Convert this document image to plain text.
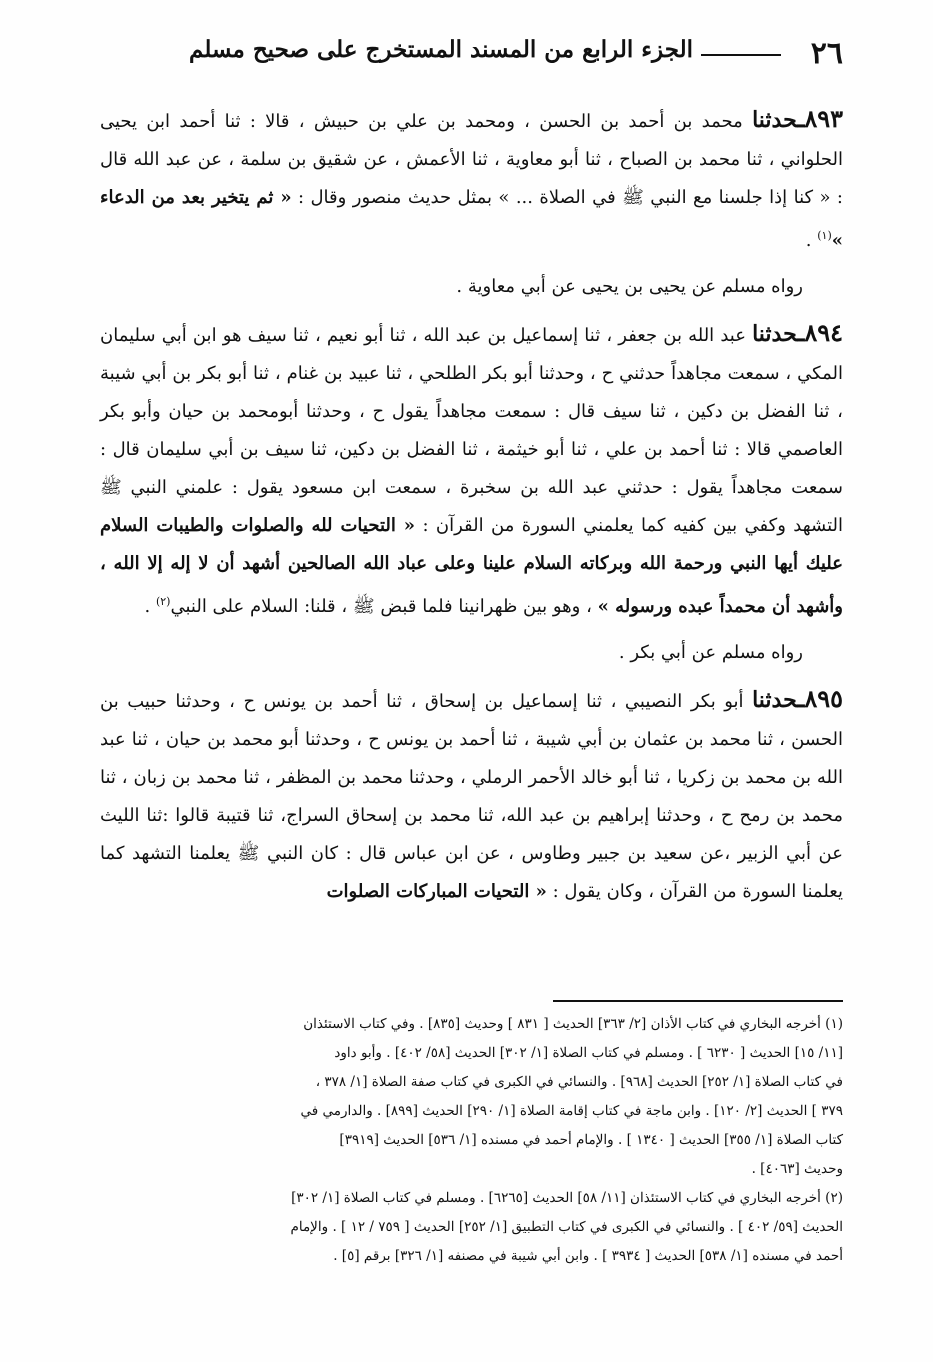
٢٦
الجزء الرابع من المسند المستخرج على صحيح مسلم

٨٩٣ـحدثنا محمد بن أحمد بن الحسن ، ومحمد بن علي بن حبيش ، قالا : ثنا أحمد ابن يحيى الحلواني ، ثنا محمد بن الصباح ، ثنا أبو معاوية ، ثنا الأعمش ، عن شقيق بن سلمة ، عن عبد الله قال : « كنا إذا جلسنا مع النبي ﷺ في الصلاة ... » بمثل حديث منصور وقال : « ثم يتخير بعد من الدعاء »$^{(١)}$ .

رواه مسلم عن يحيى بن يحيى عن أبي معاوية .

٨٩٤ـحدثنا عبد الله بن جعفر ، ثنا إسماعيل بن عبد الله ، ثنا أبو نعيم ، ثنا سيف هو ابن أبي سليمان المكي ، سمعت مجاهداً حدثني ح ، وحدثنا أبو بكر الطلحي ، ثنا عبيد بن غنام ، ثنا أبو بكر بن أبي شيبة ، ثنا الفضل بن دكين ، ثنا سيف قال : سمعت مجاهداً يقول ح ، وحدثنا أبومحمد بن حيان وأبو بكر العاصمي قالا : ثنا أحمد بن علي ، ثنا أبو خيثمة ، ثنا الفضل بن دكين، ثنا سيف بن أبي سليمان قال : سمعت مجاهداً يقول : حدثني عبد الله بن سخبرة ، سمعت ابن مسعود يقول : علمني النبي ﷺ التشهد وكفي بين كفيه كما يعلمني السورة من القرآن : « التحيات لله والصلوات والطيبات السلام عليك أيها النبي ورحمة الله وبركاته السلام علينا وعلى عباد الله الصالحين أشهد أن لا إله إلا الله ، وأشهد أن محمداً عبده ورسوله » ، وهو بين ظهرانينا فلما قبض ﷺ ، قلنا: السلام على النبي$^{(٢)}$ .

رواه مسلم عن أبي بكر .

٨٩٥ـحدثنا أبو بكر النصيبي ، ثنا إسماعيل بن إسحاق ، ثنا أحمد بن يونس ح ، وحدثنا حبيب بن الحسن ، ثنا محمد بن عثمان بن أبي شيبة ، ثنا أحمد بن يونس ح ، وحدثنا أبو محمد بن حيان ، ثنا عبد الله بن محمد بن زكريا ، ثنا أبو خالد الأحمر الرملي ، وحدثنا محمد بن المظفر ، ثنا محمد بن زبان ، ثنا محمد بن رمح ح ، وحدثنا إبراهيم بن عبد الله، ثنا محمد بن إسحاق السراج، ثنا قتيبة قالوا :ثنا الليث عن أبي الزبير ،عن سعيد بن جبير وطاوس ، عن ابن عباس قال : كان النبي ﷺ يعلمنا التشهد كما يعلمنا السورة من القرآن ، وكان يقول : « التحيات المباركات الصلوات

(١) أخرجه البخاري في كتاب الأذان [٢/ ٣٦٣] الحديث [ ٨٣١ ] وحديث [٨٣٥] . وفي كتاب الاستئذان

[١١/ ١٥] الحديث [ ٦٢٣٠ ] . ومسلم في كتاب الصلاة [١/ ٣٠٢] الحديث [٥٨/ ٤٠٢] . وأبو داود

في كتاب الصلاة [١/ ٢٥٢] الحديث [٩٦٨] . والنسائي في الكبرى في كتاب صفة الصلاة [١/ ٣٧٨ ،

٣٧٩ ] الحديث [٢/ ١٢٠] . وابن ماجة في كتاب إقامة الصلاة [١/ ٢٩٠] الحديث [٨٩٩] . والدارمي في

كتاب الصلاة [١/ ٣٥٥] الحديث [ ١٣٤٠ ] . والإمام أحمد في مسنده [١/ ٥٣٦] الحديث [٣٩١٩]

وحديث [٤٠٦٣] .

(٢) أخرجه البخاري في كتاب الاستئذان [١١/ ٥٨] الحديث [٦٢٦٥] . ومسلم في كتاب الصلاة [١/ ٣٠٢]

الحديث [٥٩/ ٤٠٢ ] . والنسائي في الكبرى في كتاب التطبيق [١/ ٢٥٢] الحديث [ ٧٥٩ / ١٢ ] . والإمام

أحمد في مسنده [١/ ٥٣٨] الحديث [ ٣٩٣٤ ] . وابن أبي شيبة في مصنفه [١/ ٣٢٦] برقم [٥] .
